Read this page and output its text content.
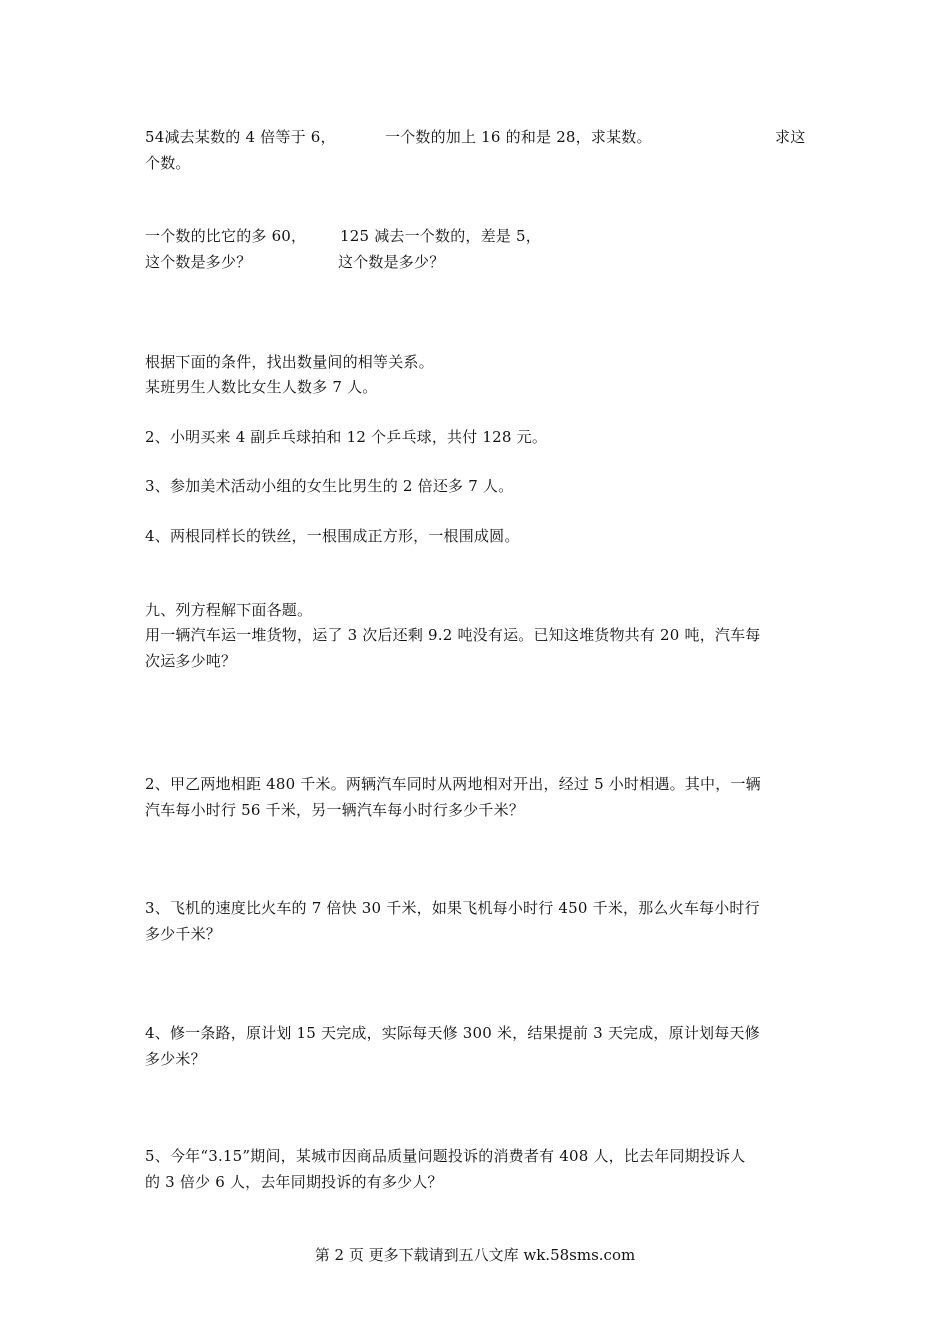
54减去某数的 4 倍等于 6，	一个数的加上 16 的和是 28，求某数。	求这
个数。
一个数的比它的多 60， 125 减去一个数的，差是 5，
这个数是多少？	这个数是多少？
根据下面的条件，找出数量间的相等关系。
某班男生人数比女生人数多 7 人。
2、小明买来 4 副乒乓球拍和 12 个乒乓球，共付 128 元。
3、参加美术活动小组的女生比男生的 2 倍还多 7 人。
4、两根同样长的铁丝，一根围成正方形，一根围成圆。
九、列方程解下面各题。
用一辆汽车运一堆货物，运了 3 次后还剩 9.2 吨没有运。已知这堆货物共有 20 吨，汽车每
次运多少吨？
2、甲乙两地相距 480 千米。两辆汽车同时从两地相对开出，经过 5 小时相遇。其中，一辆
汽车每小时行 56 千米，另一辆汽车每小时行多少千米？
3、飞机的速度比火车的 7 倍快 30 千米，如果飞机每小时行 450 千米，那么火车每小时行
多少千米？
4、修一条路，原计划 15 天完成，实际每天修 300 米，结果提前 3 天完成，原计划每天修
多少米？
5、今年“3.15”期间，某城市因商品质量问题投诉的消费者有 408 人，比去年同期投诉人
的 3 倍少 6 人，去年同期投诉的有多少人？
第 2 页 更多下载请到五八文库 wk.58sms.com
